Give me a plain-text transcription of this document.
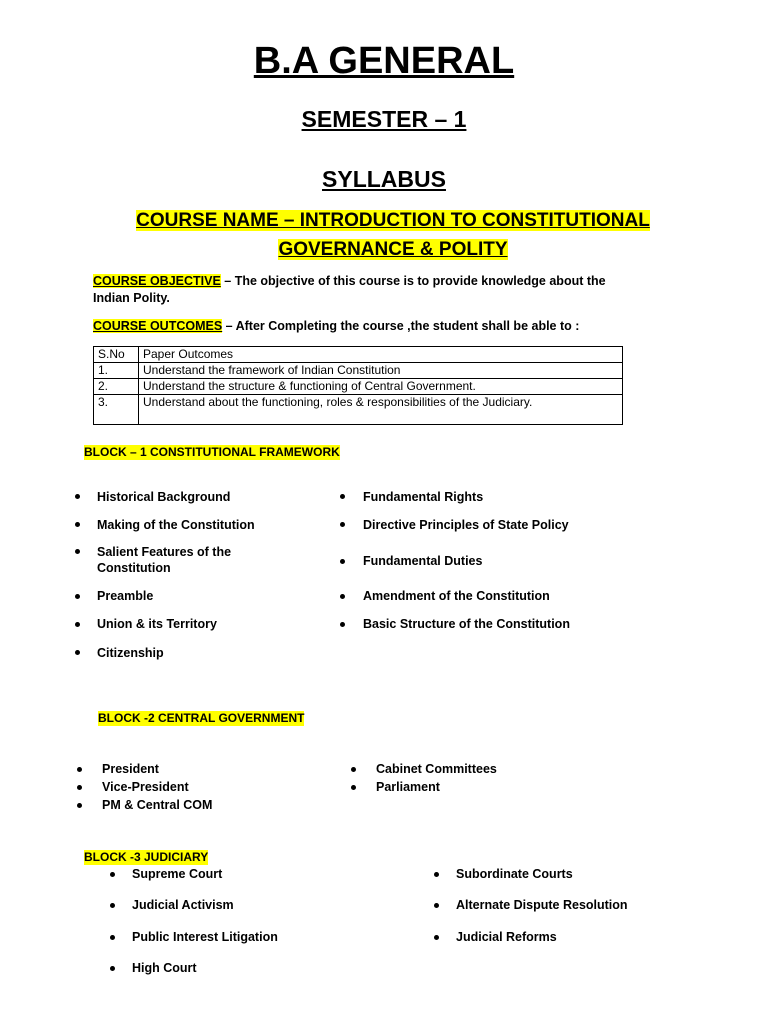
B.A GENERAL
SEMESTER – 1
SYLLABUS
COURSE NAME – INTRODUCTION TO CONSTITUTIONAL
GOVERNANCE & POLITY
COURSE OBJECTIVE – The objective of this course is to provide knowledge about the Indian Polity.
COURSE OUTCOMES – After Completing the course ,the student shall be able to :
S.No	Paper Outcomes
1.	Understand the framework of Indian Constitution
2.	Understand the structure & functioning of Central Government.
3.	Understand about the functioning, roles & responsibilities of the Judiciary.
BLOCK – 1 CONSTITUTIONAL FRAMEWORK
Historical Background
Making of the Constitution
Salient Features of the Constitution
Preamble
Union & its Territory
Citizenship
Fundamental Rights
Directive Principles of State Policy
Fundamental Duties
Amendment of the Constitution
Basic Structure of the Constitution
BLOCK -2 CENTRAL GOVERNMENT
President
Vice-President
PM & Central COM
Cabinet Committees
Parliament
BLOCK -3 JUDICIARY
Supreme Court
Judicial Activism
Public Interest Litigation
High Court
Subordinate Courts
Alternate Dispute Resolution
Judicial Reforms
